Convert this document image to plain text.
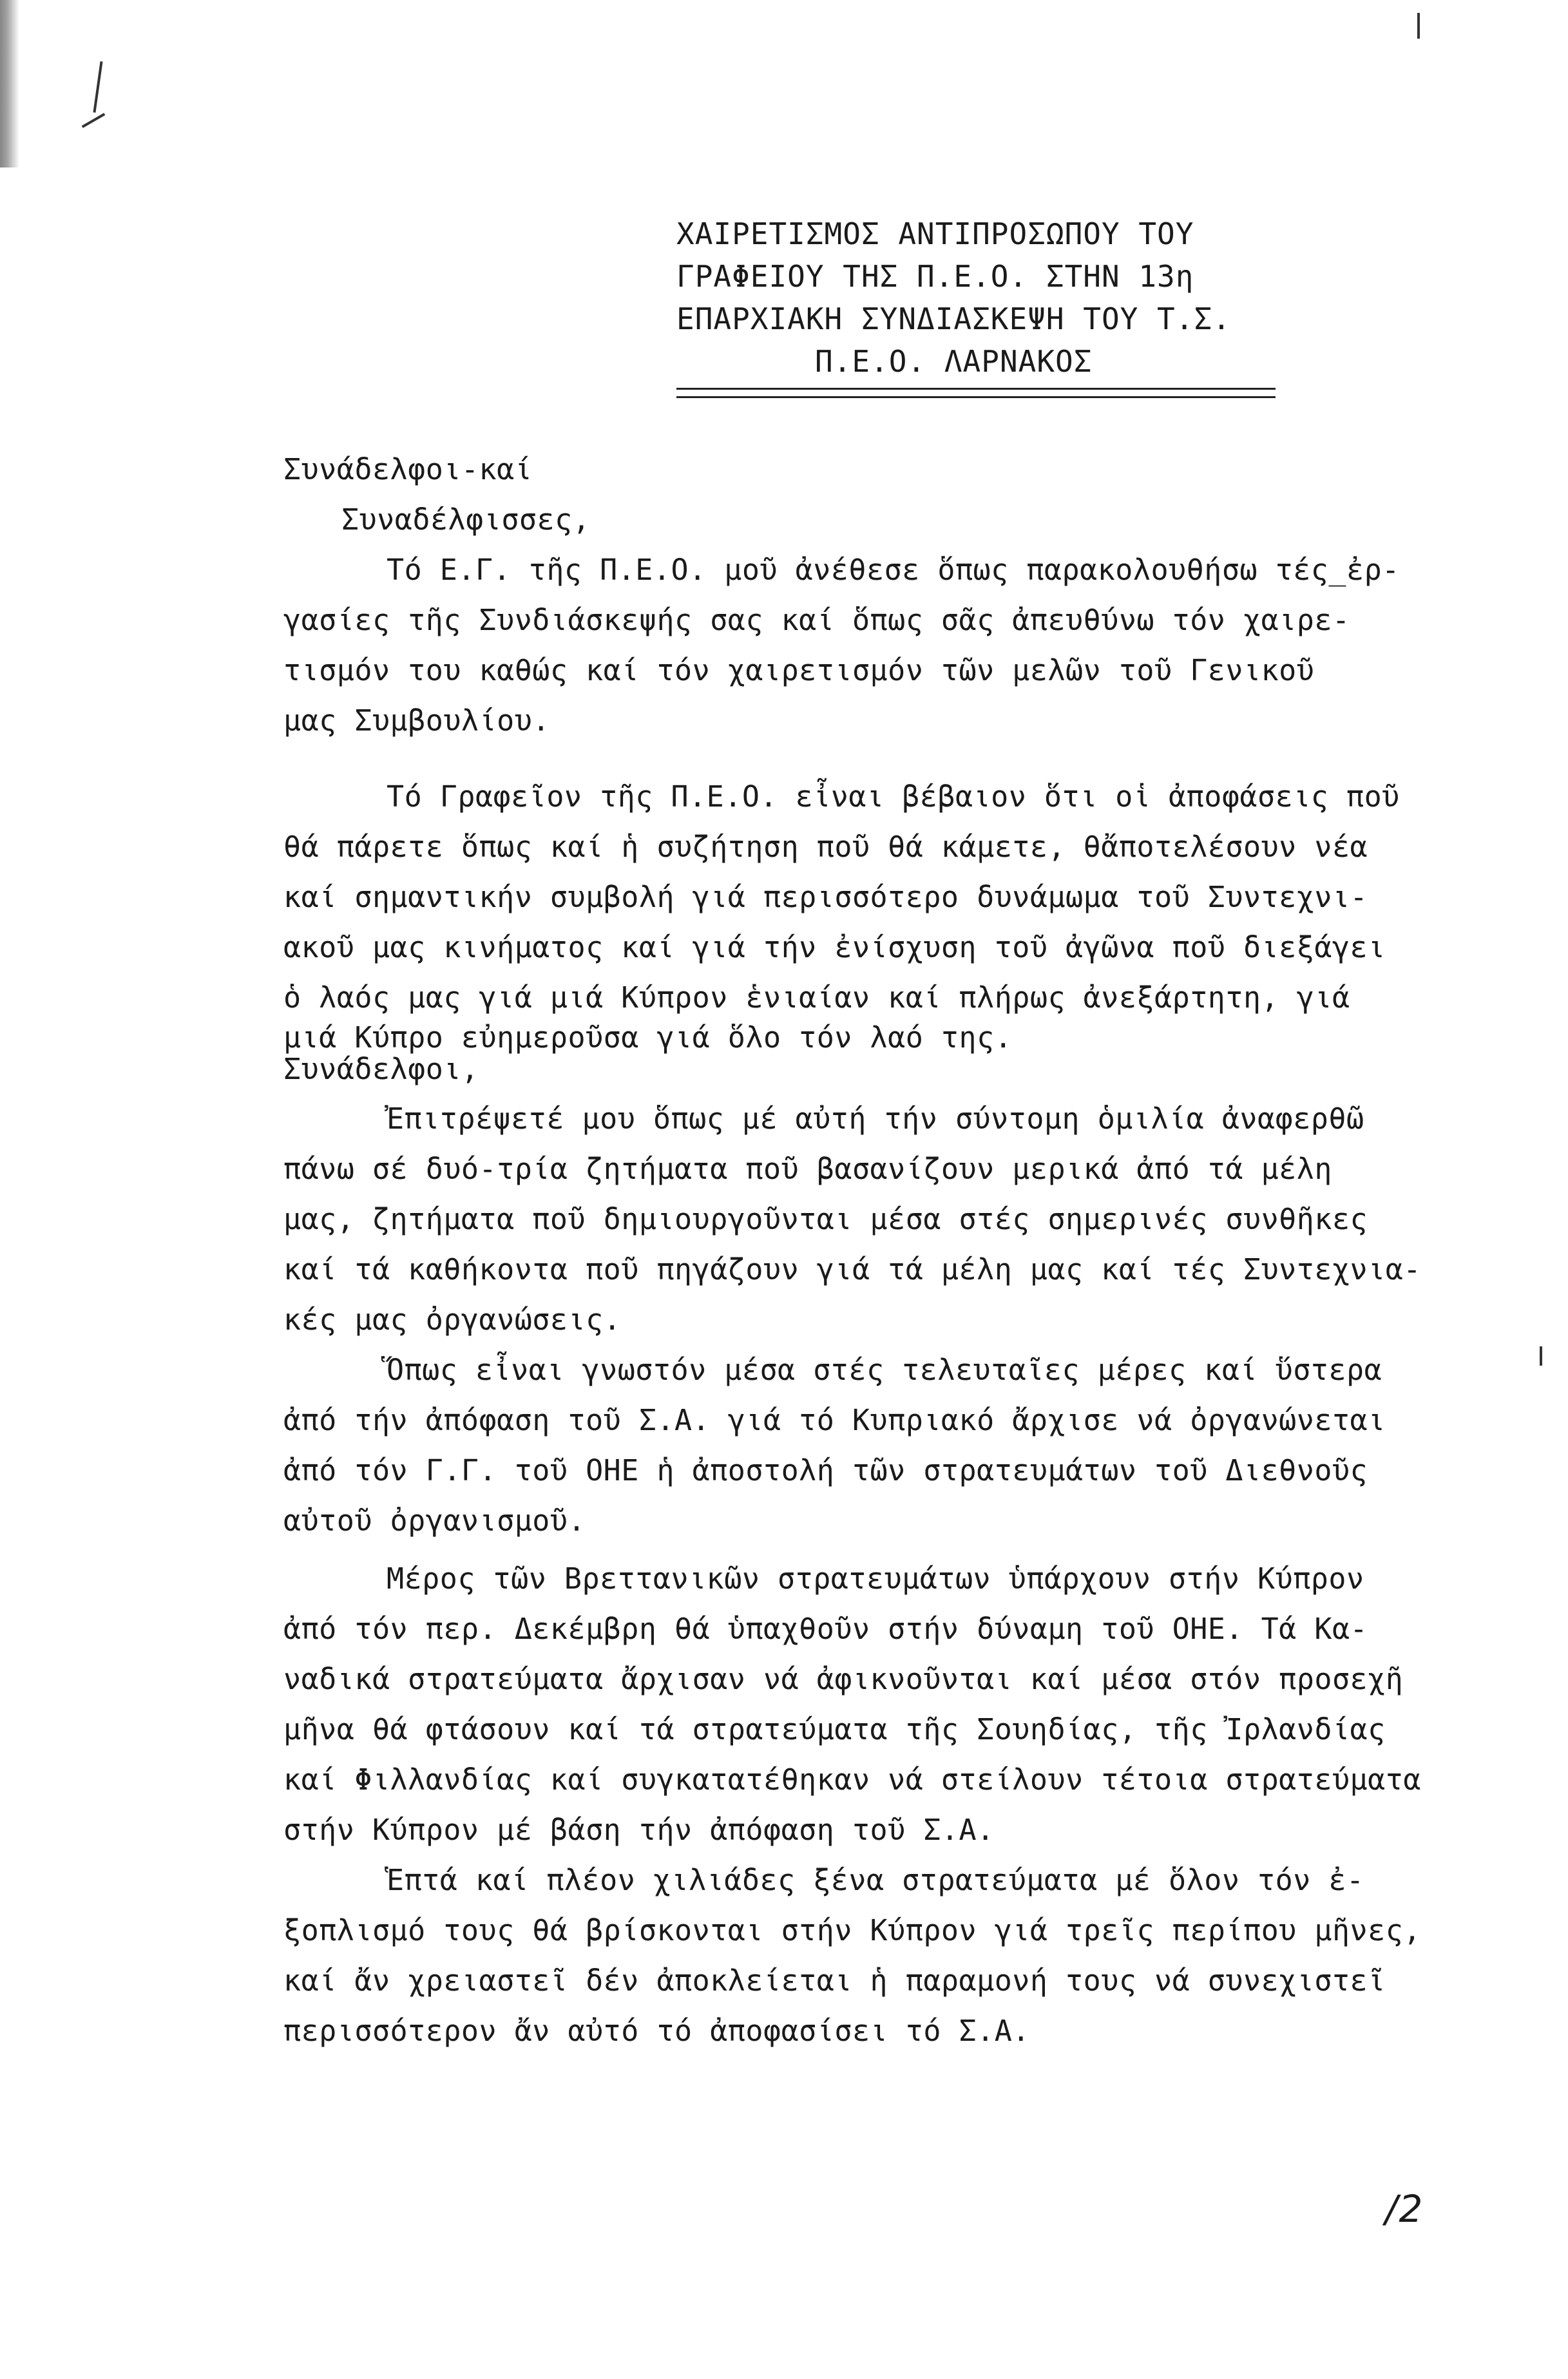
ΧΑΙΡΕΤΙΣΜΟΣ ΑΝΤΙΠΡΟΣΩΠΟΥ ΤΟΥ
ΓΡΑΦΕΙΟΥ ΤΗΣ Π.Ε.Ο. ΣΤΗΝ 13η
ΕΠΑΡΧΙΑΚΗ ΣΥΝΔΙΑΣΚΕΨΗ ΤΟΥ Τ.Σ.
Π.Ε.Ο. ΛΑΡΝΑΚΟΣ

Συνάδελφοι-καί
Συναδέλφισσες,

Τό Ε.Γ. τῆς Π.Ε.Ο. μοῦ ἀνέθεσε ὅπως παρακολουθήσω τές_ἐρ-
γασίες τῆς Συνδιάσκεψής σας καί ὅπως σᾶς ἀπευθύνω τόν χαιρε-
τισμόν του καθώς καί τόν χαιρετισμόν τῶν μελῶν τοῦ Γενικοῦ
μας Συμβουλίου.

Τό Γραφεῖον τῆς Π.Ε.Ο. εἶναι βέβαιον ὅτι οἱ ἀποφάσεις ποῦ
θά πάρετε ὅπως καί ἡ συζήτηση ποῦ θά κάμετε, θἄποτελέσουν νέα
καί σημαντικήν συμβολή γιά περισσότερο δυνάμωμα τοῦ Συντεχνι-
ακοῦ μας κινήματος καί γιά τήν ἐνίσχυση τοῦ ἀγῶνα ποῦ διεξάγει
ὁ λαός μας γιά μιά Κύπρον ἑνιαίαν καί πλήρως ἀνεξάρτητη, γιά
μιά Κύπρο εὐημεροῦσα γιά ὅλο τόν λαό της.
Συνάδελφοι,

Ἐπιτρέψετέ μου ὅπως μέ αὐτή τήν σύντομη ὁμιλία ἀναφερθῶ
πάνω σέ δυό-τρία ζητήματα ποῦ βασανίζουν μερικά ἀπό τά μέλη
μας, ζητήματα ποῦ δημιουργοῦνται μέσα στές σημερινές συνθῆκες
καί τά καθήκοντα ποῦ πηγάζουν γιά τά μέλη μας καί τές Συντεχνια-
κές μας ὀργανώσεις.

Ὅπως εἶναι γνωστόν μέσα στές τελευταῖες μέρες καί ὕστερα
ἀπό τήν ἀπόφαση τοῦ Σ.Α. γιά τό Κυπριακό ἄρχισε νά ὀργανώνεται
ἀπό τόν Γ.Γ. τοῦ ΟΗΕ ἡ ἀποστολή τῶν στρατευμάτων τοῦ Διεθνοῦς
αὐτοῦ ὀργανισμοῦ.

Μέρος τῶν Βρεττανικῶν στρατευμάτων ὑπάρχουν στήν Κύπρον
ἀπό τόν περ. Δεκέμβρη θά ὑπαχθοῦν στήν δύναμη τοῦ ΟΗΕ. Τά Κα-
ναδικά στρατεύματα ἄρχισαν νά ἀφικνοῦνται καί μέσα στόν προσεχῆ
μῆνα θά φτάσουν καί τά στρατεύματα τῆς Σουηδίας, τῆς Ἰρλανδίας
καί Φιλλανδίας καί συγκατατέθηκαν νά στείλουν τέτοια στρατεύματα
στήν Κύπρον μέ βάση τήν ἀπόφαση τοῦ Σ.Α.

Ἑπτά καί πλέον χιλιάδες ξένα στρατεύματα μέ ὅλον τόν ἐ-
ξοπλισμό τους θά βρίσκονται στήν Κύπρον γιά τρεῖς περίπου μῆνες,
καί ἄν χρειαστεῖ δέν ἀποκλείεται ἡ παραμονή τους νά συνεχιστεῖ
περισσότερον ἄν αὐτό τό ἀποφασίσει τό Σ.Α.

/2
